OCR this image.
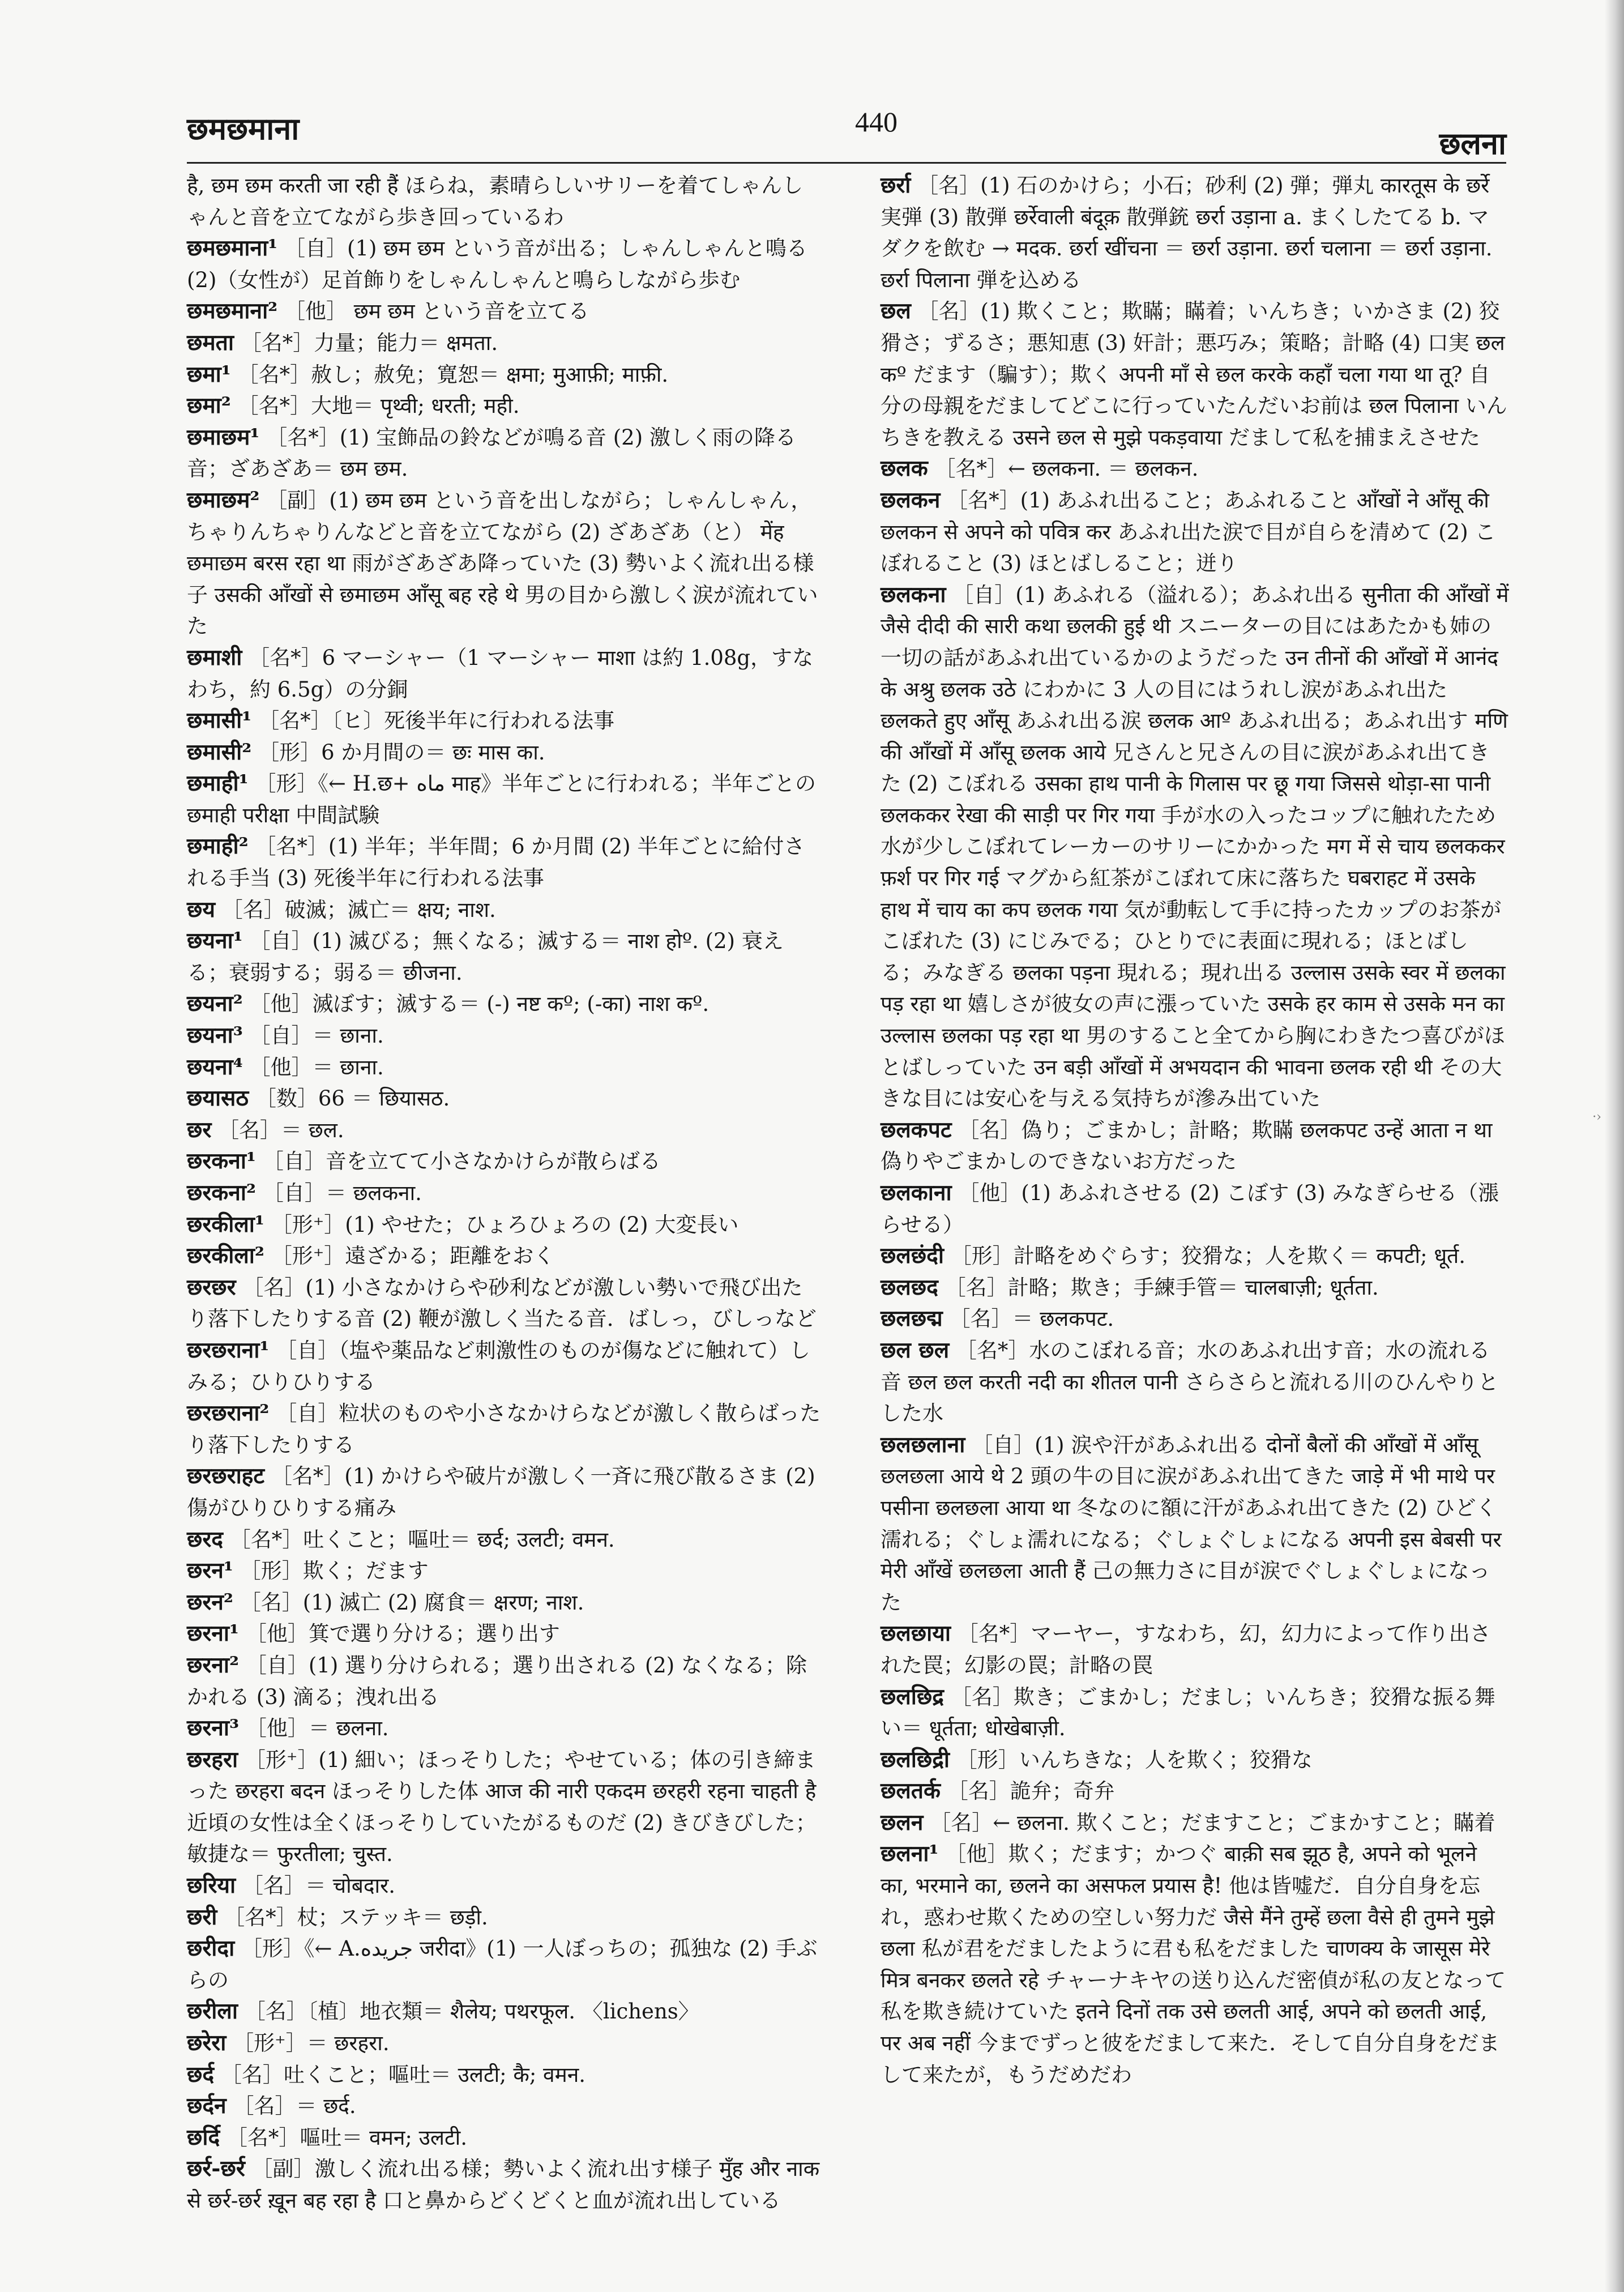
·›
छमछमाना	440
छलना

है, छम छम करती जा रही हैं ほらね，素晴らしいサリーを着てしゃんしゃんと音を立てながら歩き回っているわ

छमछमाना¹ ［自］(1) छम छम という音が出る；しゃんしゃんと鳴る (2)（女性が）足首飾りをしゃんしゃんと鳴らしながら歩む

छमछमाना² ［他］ छम छम という音を立てる

छमता ［名*］力量；能力＝ क्षमता.

छमा¹ ［名*］赦し；赦免；寛恕＝ क्षमा; मुआफ़ी; माफ़ी.

छमा² ［名*］大地＝ पृथ्वी; धरती; मही.

छमाछम¹ ［名*］(1) 宝飾品の鈴などが鳴る音 (2) 激しく雨の降る音；ざあざあ＝ छम छम.

छमाछम² ［副］(1) छम छम という音を出しながら；しゃんしゃん，ちゃりんちゃりんなどと音を立てながら (2) ざあざあ（と） मेंह छमाछम बरस रहा था 雨がざあざあ降っていた (3) 勢いよく流れ出る様子 उसकी आँखों से छमाछम आँसू बह रहे थे 男の目から激しく涙が流れていた

छमाशी ［名*］6 マーシャー（1 マーシャー माशा は約 1.08g，すなわち，約 6.5g）の分銅

छमासी¹ ［名*］〔ヒ〕死後半年に行われる法事

छमासी² ［形］6 か月間の＝ छः मास का.

छमाही¹ ［形］《← H.छ+ ماه माह》半年ごとに行われる；半年ごとの छमाही परीक्षा 中間試験

छमाही² ［名*］(1) 半年；半年間；6 か月間 (2) 半年ごとに給付される手当 (3) 死後半年に行われる法事

छय ［名］破滅；滅亡＝ क्षय; नाश.

छयना¹ ［自］(1) 滅びる；無くなる；滅する＝ नाश होº. (2) 衰える；衰弱する；弱る＝ छीजना.

छयना² ［他］滅ぼす；滅する＝ (-) नष्ट कº; (-का) नाश कº.

छयना³ ［自］＝ छाना.

छयना⁴ ［他］＝ छाना.

छयासठ ［数］66 ＝ छियासठ.

छर ［名］＝ छल.

छरकना¹ ［自］音を立てて小さなかけらが散らばる

छरकना² ［自］＝ छलकना.

छरकीला¹ ［形⁺］(1) やせた；ひょろひょろの (2) 大変長い

छरकीला² ［形⁺］遠ざかる；距離をおく

छरछर ［名］(1) 小さなかけらや砂利などが激しい勢いで飛び出たり落下したりする音 (2) 鞭が激しく当たる音．ばしっ，びしっなど

छरछराना¹ ［自］（塩や薬品など刺激性のものが傷などに触れて）しみる；ひりひりする

छरछराना² ［自］粒状のものや小さなかけらなどが激しく散らばったり落下したりする

छरछराहट ［名*］(1) かけらや破片が激しく一斉に飛び散るさま (2) 傷がひりひりする痛み

छरद ［名*］吐くこと；嘔吐＝ छर्द; उलटी; वमन.

छरन¹ ［形］欺く；だます

छरन² ［名］(1) 滅亡 (2) 腐食＝ क्षरण; नाश.

छरना¹ ［他］箕で選り分ける；選り出す

छरना² ［自］(1) 選り分けられる；選り出される (2) なくなる；除かれる (3) 滴る；洩れ出る

छरना³ ［他］＝ छलना.

छरहरा ［形⁺］(1) 細い；ほっそりした；やせている；体の引き締まった छरहरा बदन ほっそりした体 आज की नारी एकदम छरहरी रहना चाहती है 近頃の女性は全くほっそりしていたがるものだ (2) きびきびした；敏捷な＝ फुरतीला; चुस्त.

छरिया ［名］＝ चोबदार.

छरी ［名*］杖；ステッキ＝ छड़ी.

छरीदा ［形］《← A.جريده जरीदा》(1) 一人ぼっちの；孤独な (2) 手ぶらの

छरीला ［名］〔植〕地衣類＝ शैलेय; पथरफूल. 〈lichens〉

छरेरा ［形⁺］＝ छरहरा.

छर्द ［名］吐くこと；嘔吐＝ उलटी; कै; वमन.

छर्दन ［名］＝ छर्द.

छर्दि ［名*］嘔吐＝ वमन; उलटी.

छर्र-छर्र ［副］激しく流れ出る様；勢いよく流れ出す様子 मुँह और नाक से छर्र-छर्र ख़ून बह रहा है 口と鼻からどくどくと血が流れ出している

छर्रा ［名］(1) 石のかけら；小石；砂利 (2) 弾；弾丸 कारतूस के छर्रे 実弾 (3) 散弾 छर्रेवाली बंदूक़ 散弾銃 छर्रा उड़ाना a. まくしたてる b. マダクを飲む → मदक. छर्रा खींचना ＝ छर्रा उड़ाना. छर्रा चलाना ＝ छर्रा उड़ाना. छर्रा पिलाना 弾を込める

छल ［名］(1) 欺くこと；欺瞞；瞞着；いんちき；いかさま (2) 狡猾さ；ずるさ；悪知恵 (3) 奸計；悪巧み；策略；計略 (4) 口実 छल कº だます（騙す）；欺く अपनी माँ से छल करके कहाँ चला गया था तू? 自分の母親をだましてどこに行っていたんだいお前は छल पिलाना いんちきを教える उसने छल से मुझे पकड़वाया だまして私を捕まえさせた

छलक ［名*］← छलकना. ＝ छलकन.

छलकन ［名*］(1) あふれ出ること；あふれること आँखों ने आँसू की छलकन से अपने को पवित्र कर あふれ出た涙で目が自らを清めて (2) こぼれること (3) ほとばしること；迸り

छलकना ［自］(1) あふれる（溢れる）；あふれ出る सुनीता की आँखों में जैसे दीदी की सारी कथा छलकी हुई थी スニーターの目にはあたかも姉の一切の話があふれ出ているかのようだった उन तीनों की आँखों में आनंद के अश्रु छलक उठे にわかに 3 人の目にはうれし涙があふれ出た छलकते हुए आँसू あふれ出る涙 छलक आº あふれ出る；あふれ出す मणि की आँखों में आँसू छलक आये 兄さんと兄さんの目に涙があふれ出てきた (2) こぼれる उसका हाथ पानी के गिलास पर छू गया जिससे थोड़ा-सा पानी छलककर रेखा की साड़ी पर गिर गया 手が水の入ったコップに触れたため水が少しこぼれてレーカーのサリーにかかった मग में से चाय छलककर फ़र्श पर गिर गई マグから紅茶がこぼれて床に落ちた घबराहट में उसके हाथ में चाय का कप छलक गया 気が動転して手に持ったカップのお茶がこぼれた (3) にじみでる；ひとりでに表面に現れる；ほとばしる；みなぎる छलका पड़ना 現れる；現れ出る उल्लास उसके स्वर में छलका पड़ रहा था 嬉しさが彼女の声に漲っていた उसके हर काम से उसके मन का उल्लास छलका पड़ रहा था 男のすること全てから胸にわきたつ喜びがほとばしっていた उन बड़ी आँखों में अभयदान की भावना छलक रही थी その大きな目には安心を与える気持ちが滲み出ていた

छलकपट ［名］偽り；ごまかし；計略；欺瞞 छलकपट उन्हें आता न था 偽りやごまかしのできないお方だった

छलकाना ［他］(1) あふれさせる (2) こぼす (3) みなぎらせる（漲らせる）

छलछंदी ［形］計略をめぐらす；狡猾な；人を欺く＝ कपटी; धूर्त.

छलछद ［名］計略；欺き；手練手管＝ चालबाज़ी; धूर्तता.

छलछद्म ［名］＝ छलकपट.

छल छल ［名*］水のこぼれる音；水のあふれ出す音；水の流れる音 छल छल करती नदी का शीतल पानी さらさらと流れる川のひんやりとした水

छलछलाना ［自］(1) 涙や汗があふれ出る दोनों बैलों की आँखों में आँसू छलछला आये थे 2 頭の牛の目に涙があふれ出てきた जाड़े में भी माथे पर पसीना छलछला आया था 冬なのに額に汗があふれ出てきた (2) ひどく濡れる；ぐしょ濡れになる；ぐしょぐしょになる अपनी इस बेबसी पर मेरी आँखें छलछला आती हैं 己の無力さに目が涙でぐしょぐしょになった

छलछाया ［名*］マーヤー，すなわち，幻，幻力によって作り出された罠；幻影の罠；計略の罠

छलछिद्र ［名］欺き；ごまかし；だまし；いんちき；狡猾な振る舞い＝ धूर्तता; धोखेबाज़ी.

छलछिद्री ［形］いんちきな；人を欺く；狡猾な

छलतर्क ［名］詭弁；奇弁

छलन ［名］← छलना. 欺くこと；だますこと；ごまかすこと；瞞着

छलना¹ ［他］欺く；だます；かつぐ बाक़ी सब झूठ है, अपने को भूलने का, भरमाने का, छलने का असफल प्रयास है! 他は皆嘘だ．自分自身を忘れ，惑わせ欺くための空しい努力だ जैसे मैंने तुम्हें छला वैसे ही तुमने मुझे छला 私が君をだましたように君も私をだました चाणक्य के जासूस मेरे मित्र बनकर छलते रहे チャーナキヤの送り込んだ密偵が私の友となって私を欺き続けていた इतने दिनों तक उसे छलती आई, अपने को छलती आई, पर अब नहीं 今までずっと彼をだまして来た．そして自分自身をだまして来たが，もうだめだわ
